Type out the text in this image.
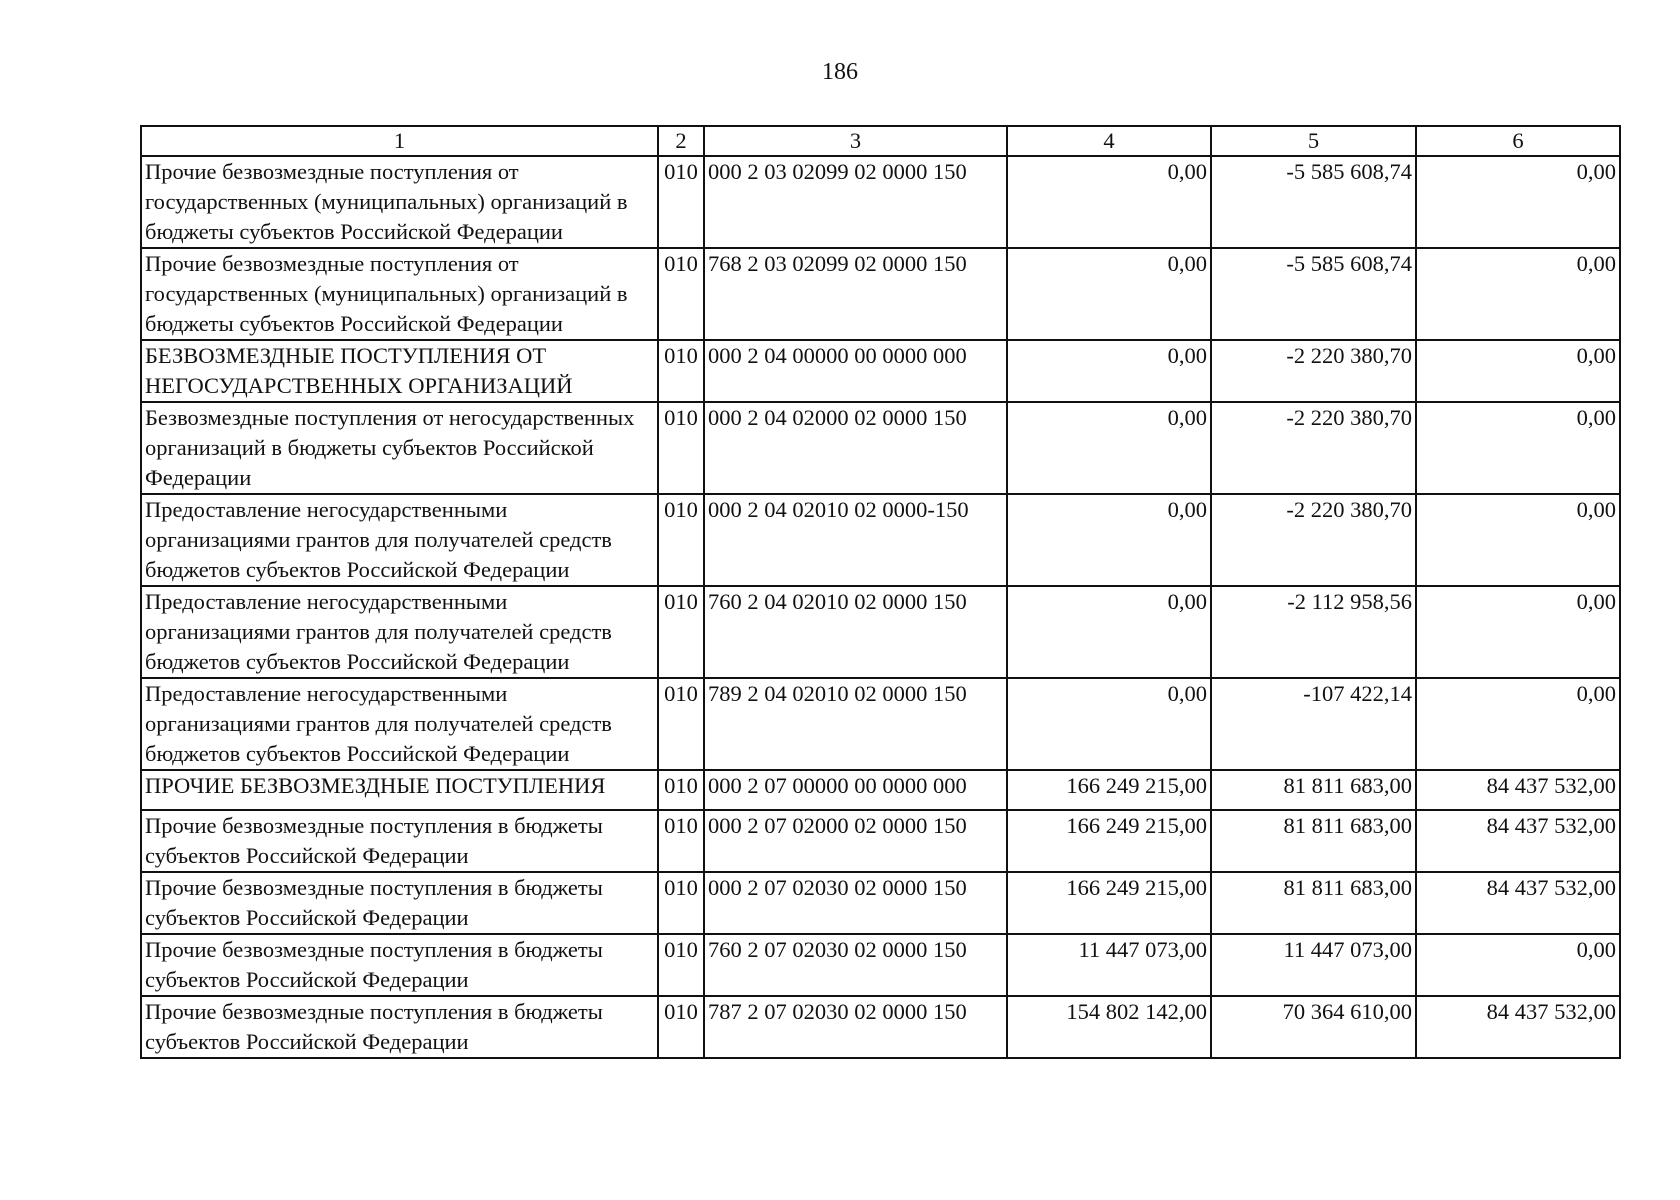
186
1	2	3	4	5	6
Прочие безвозмездные поступления от государственных (муниципальных) организаций в бюджеты субъектов Российской Федерации	010	000 2 03 02099 02 0000 150	0,00	-5 585 608,74	0,00
Прочие безвозмездные поступления от государственных (муниципальных) организаций в бюджеты субъектов Российской Федерации	010	768 2 03 02099 02 0000 150	0,00	-5 585 608,74	0,00
БЕЗВОЗМЕЗДНЫЕ ПОСТУПЛЕНИЯ ОТ НЕГОСУДАРСТВЕННЫХ ОРГАНИЗАЦИЙ	010	000 2 04 00000 00 0000 000	0,00	-2 220 380,70	0,00
Безвозмездные поступления от негосударственных организаций в бюджеты субъектов Российской Федерации	010	000 2 04 02000 02 0000 150	0,00	-2 220 380,70	0,00
Предоставление негосударственными организациями грантов для получателей средств бюджетов субъектов Российской Федерации	010	000 2 04 02010 02 0000-150	0,00	-2 220 380,70	0,00
Предоставление негосударственными организациями грантов для получателей средств бюджетов субъектов Российской Федерации	010	760 2 04 02010 02 0000 150	0,00	-2 112 958,56	0,00
Предоставление негосударственными организациями грантов для получателей средств бюджетов субъектов Российской Федерации	010	789 2 04 02010 02 0000 150	0,00	-107 422,14	0,00
ПРОЧИЕ БЕЗВОЗМЕЗДНЫЕ ПОСТУПЛЕНИЯ	010	000 2 07 00000 00 0000 000	166 249 215,00	81 811 683,00	84 437 532,00
Прочие безвозмездные поступления в бюджеты субъектов Российской Федерации	010	000 2 07 02000 02 0000 150	166 249 215,00	81 811 683,00	84 437 532,00
Прочие безвозмездные поступления в бюджеты субъектов Российской Федерации	010	000 2 07 02030 02 0000 150	166 249 215,00	81 811 683,00	84 437 532,00
Прочие безвозмездные поступления в бюджеты субъектов Российской Федерации	010	760 2 07 02030 02 0000 150	11 447 073,00	11 447 073,00	0,00
Прочие безвозмездные поступления в бюджеты субъектов Российской Федерации	010	787 2 07 02030 02 0000 150	154 802 142,00	70 364 610,00	84 437 532,00
